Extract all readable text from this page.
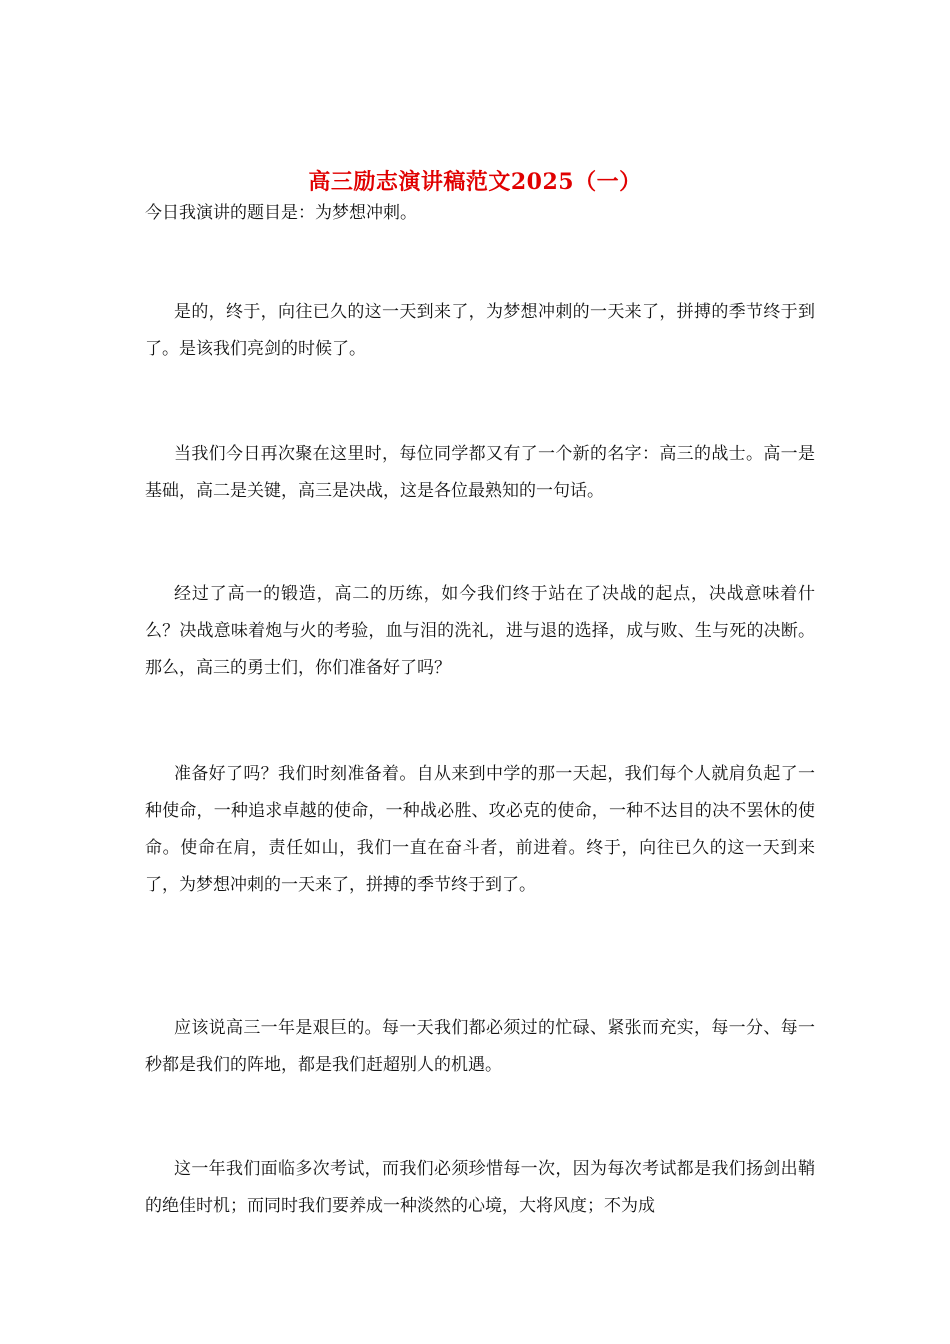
高三励志演讲稿范文2025（一）

今日我演讲的题目是：为梦想冲刺。

是的，终于，向往已久的这一天到来了，为梦想冲刺的一天来了，拼搏的季节终于到了。是该我们亮剑的时候了。

当我们今日再次聚在这里时，每位同学都又有了一个新的名字：高三的战士。高一是基础，高二是关键，高三是决战，这是各位最熟知的一句话。

经过了高一的锻造，高二的历练，如今我们终于站在了决战的起点，决战意味着什么？决战意味着炮与火的考验，血与泪的洗礼，进与退的选择，成与败、生与死的决断。那么，高三的勇士们，你们准备好了吗？

准备好了吗？我们时刻准备着。自从来到中学的那一天起，我们每个人就肩负起了一种使命，一种追求卓越的使命，一种战必胜、攻必克的使命，一种不达目的决不罢休的使命。使命在肩，责任如山，我们一直在奋斗者，前进着。终于，向往已久的这一天到来了，为梦想冲刺的一天来了，拼搏的季节终于到了。

应该说高三一年是艰巨的。每一天我们都必须过的忙碌、紧张而充实，每一分、每一秒都是我们的阵地，都是我们赶超别人的机遇。

这一年我们面临多次考试，而我们必须珍惜每一次，因为每次考试都是我们扬剑出鞘的绝佳时机；而同时我们要养成一种淡然的心境，大将风度；不为成
